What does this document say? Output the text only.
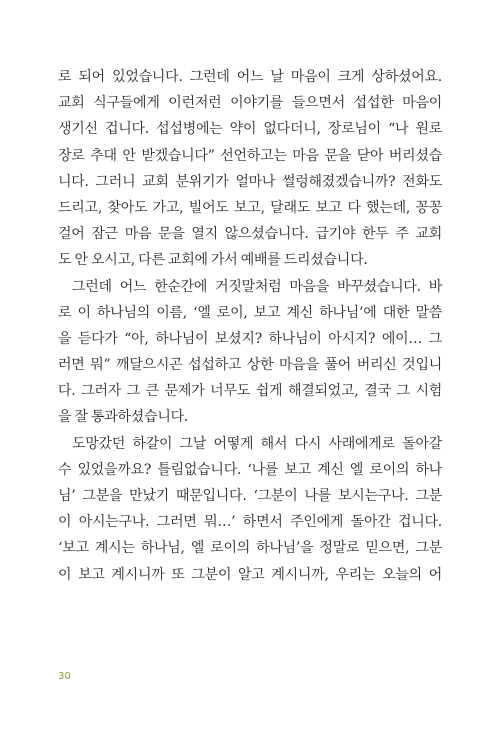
로 되어 있었습니다. 그런데 어느 날 마음이 크게 상하셨어요.
교회 식구들에게 이런저런 이야기를 들으면서 섭섭한 마음이
생기신 겁니다. 섭섭병에는 약이 없다더니, 장로님이 “나 원로
장로 추대 안 받겠습니다” 선언하고는 마음 문을 닫아 버리셨습
니다. 그러니 교회 분위기가 얼마나 썰렁해졌겠습니까? 전화도
드리고, 찾아도 가고, 빌어도 보고, 달래도 보고 다 했는데, 꽁꽁
걸어 잠근 마음 문을 열지 않으셨습니다. 급기야 한두 주 교회
도 안 오시고, 다른 교회에 가서 예배를 드리셨습니다.
그런데 어느 한순간에 거짓말처럼 마음을 바꾸셨습니다. 바
로 이 하나님의 이름, ‘엘 로이, 보고 계신 하나님’에 대한 말씀
을 듣다가 “아, 하나님이 보셨지? 하나님이 아시지? 에이… 그
러면 뭐” 깨달으시곤 섭섭하고 상한 마음을 풀어 버리신 것입니
다. 그러자 그 큰 문제가 너무도 쉽게 해결되었고, 결국 그 시험
을 잘 통과하셨습니다.
도망갔던 하갈이 그날 어떻게 해서 다시 사래에게로 돌아갈
수 있었을까요? 틀림없습니다. ‘나를 보고 계신 엘 로이의 하나
님’ 그분을 만났기 때문입니다. ‘그분이 나를 보시는구나. 그분
이 아시는구나. 그러면 뭐…’ 하면서 주인에게 돌아간 겁니다.
‘보고 계시는 하나님, 엘 로이의 하나님’을 정말로 믿으면, 그분
이 보고 계시니까 또 그분이 알고 계시니까, 우리는 오늘의 어
30
